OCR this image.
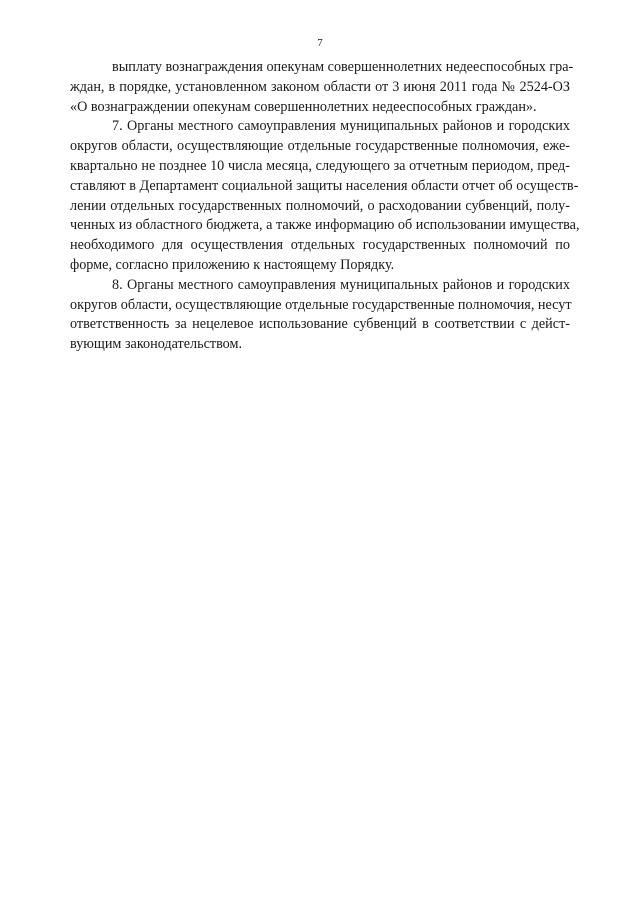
7
выплату вознаграждения опекунам совершеннолетних недееспособных гра-
ждан, в порядке, установленном законом области от 3 июня 2011 года № 2524-ОЗ
«О вознаграждении опекунам совершеннолетних недееспособных граждан».
7. Органы местного самоуправления муниципальных районов и городских
округов области, осуществляющие отдельные государственные полномочия, еже-
квартально не позднее 10 числа месяца, следующего за отчетным периодом, пред-
ставляют в Департамент социальной защиты населения области отчет об осуществ-
лении отдельных государственных полномочий, о расходовании субвенций, полу-
ченных из областного бюджета, а также информацию об использовании имущества,
необходимого для осуществления отдельных государственных полномочий по
форме, согласно приложению к настоящему Порядку.
8. Органы местного самоуправления муниципальных районов и городских
округов области, осуществляющие отдельные государственные полномочия, несут
ответственность за нецелевое использование субвенций в соответствии с дейст-
вующим законодательством.
